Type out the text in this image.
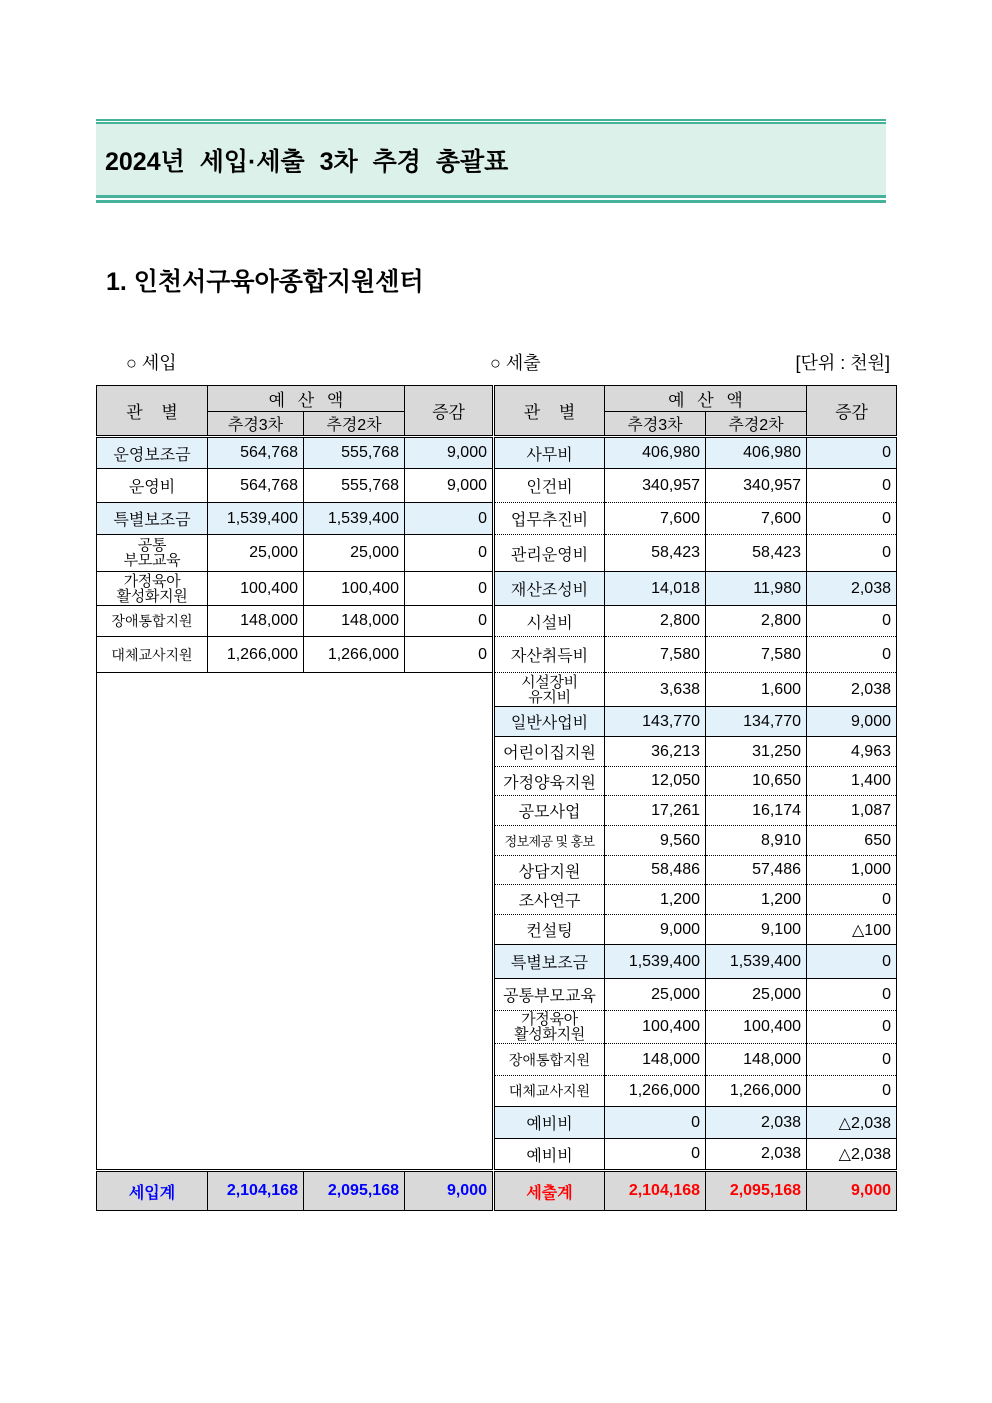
2024년 세입·세출 3차 추경 총괄표
1. 인천서구육아종합지원센터
○ 세입	○ 세출	[단위 : 천원]
관 별	예 산 액		증감
	추경3차	추경2차	
운영보조금	564,768	555,768	9,000
운영비	564,768	555,768	9,000
특별보조금	1,539,400	1,539,400	0
공통
부모교육	25,000	25,000	0
가정육아
활성화지원	100,400	100,400	0
장애통합지원	148,000	148,000	0
대체교사지원	1,266,000	1,266,000	0

세입계	2,104,168	2,095,168	9,000
관 별	예 산 액		증감
	추경3차	추경2차	
사무비	406,980	406,980	0
인건비	340,957	340,957	0
업무추진비	7,600	7,600	0
관리운영비	58,423	58,423	0
재산조성비	14,018	11,980	2,038
시설비	2,800	2,800	0
자산취득비	7,580	7,580	0
시설장비
유지비	3,638	1,600	2,038
일반사업비	143,770	134,770	9,000
어린이집지원	36,213	31,250	4,963
가정양육지원	12,050	10,650	1,400
공모사업	17,261	16,174	1,087
정보제공 및 홍보	9,560	8,910	650
상담지원	58,486	57,486	1,000
조사연구	1,200	1,200	0
컨설팅	9,000	9,100	△100
특별보조금	1,539,400	1,539,400	0
공통부모교육	25,000	25,000	0
가정육아
활성화지원	100,400	100,400	0
장애통합지원	148,000	148,000	0
대체교사지원	1,266,000	1,266,000	0
예비비	0	2,038	△2,038
예비비	0	2,038	△2,038
세출계	2,104,168	2,095,168	9,000
